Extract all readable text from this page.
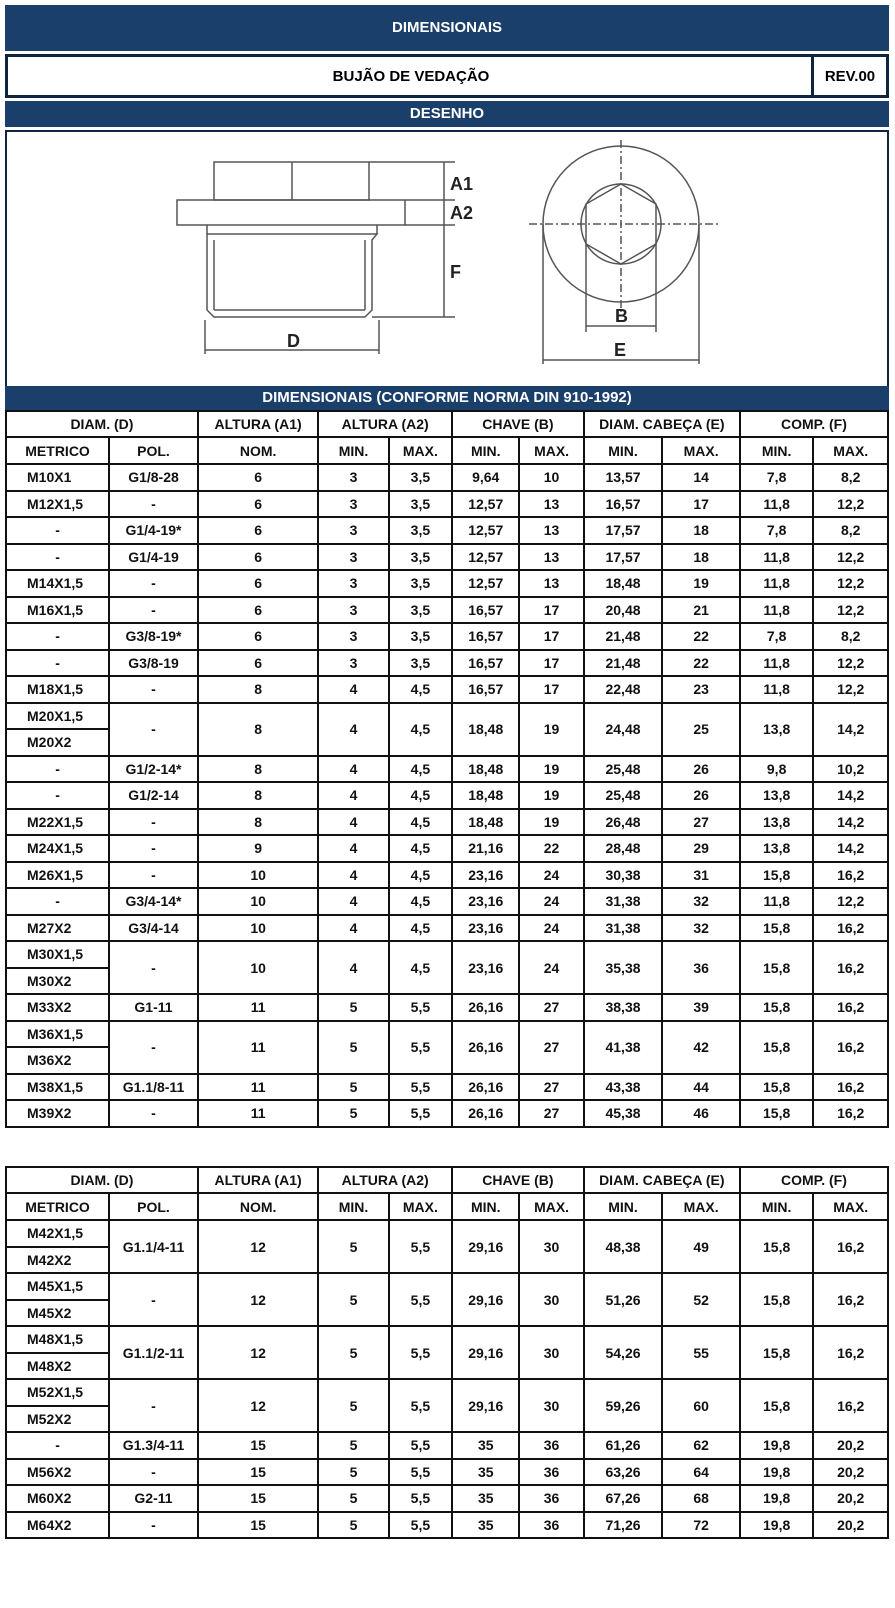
DIMENSIONAIS
BUJÃO DE VEDAÇÃO	REV.00
DESENHO
A1
A2
F
D
B
E
DIMENSIONAIS (CONFORME NORMA DIN 910-1992)
DIAM. (D)		ALTURA (A1)	ALTURA (A2)		CHAVE (B)		DIAM. CABEÇA (E)		COMP. (F)	
METRICO	POL.	NOM.	MIN.	MAX.	MIN.	MAX.	MIN.	MAX.	MIN.	MAX.
M10X1	G1/8-28	6	3	3,5	9,64	10	13,57	14	7,8	8,2
M12X1,5	-	6	3	3,5	12,57	13	16,57	17	11,8	12,2
-	G1/4-19*	6	3	3,5	12,57	13	17,57	18	7,8	8,2
-	G1/4-19	6	3	3,5	12,57	13	17,57	18	11,8	12,2
M14X1,5	-	6	3	3,5	12,57	13	18,48	19	11,8	12,2
M16X1,5	-	6	3	3,5	16,57	17	20,48	21	11,8	12,2
-	G3/8-19*	6	3	3,5	16,57	17	21,48	22	7,8	8,2
-	G3/8-19	6	3	3,5	16,57	17	21,48	22	11,8	12,2
M18X1,5	-	8	4	4,5	16,57	17	22,48	23	11,8	12,2
M20X1,5	-	8	4	4,5	18,48	19	24,48	25	13,8	14,2
M20X2										
-	G1/2-14*	8	4	4,5	18,48	19	25,48	26	9,8	10,2
-	G1/2-14	8	4	4,5	18,48	19	25,48	26	13,8	14,2
M22X1,5	-	8	4	4,5	18,48	19	26,48	27	13,8	14,2
M24X1,5	-	9	4	4,5	21,16	22	28,48	29	13,8	14,2
M26X1,5	-	10	4	4,5	23,16	24	30,38	31	15,8	16,2
-	G3/4-14*	10	4	4,5	23,16	24	31,38	32	11,8	12,2
M27X2	G3/4-14	10	4	4,5	23,16	24	31,38	32	15,8	16,2
M30X1,5	-	10	4	4,5	23,16	24	35,38	36	15,8	16,2
M30X2										
M33X2	G1-11	11	5	5,5	26,16	27	38,38	39	15,8	16,2
M36X1,5	-	11	5	5,5	26,16	27	41,38	42	15,8	16,2
M36X2										
M38X1,5	G1.1/8-11	11	5	5,5	26,16	27	43,38	44	15,8	16,2
M39X2	-	11	5	5,5	26,16	27	45,38	46	15,8	16,2
DIAM. (D)		ALTURA (A1)	ALTURA (A2)		CHAVE (B)		DIAM. CABEÇA (E)		COMP. (F)	
METRICO	POL.	NOM.	MIN.	MAX.	MIN.	MAX.	MIN.	MAX.	MIN.	MAX.
M42X1,5	G1.1/4-11	12	5	5,5	29,16	30	48,38	49	15,8	16,2
M42X2										
M45X1,5	-	12	5	5,5	29,16	30	51,26	52	15,8	16,2
M45X2										
M48X1,5	G1.1/2-11	12	5	5,5	29,16	30	54,26	55	15,8	16,2
M48X2										
M52X1,5	-	12	5	5,5	29,16	30	59,26	60	15,8	16,2
M52X2										
-	G1.3/4-11	15	5	5,5	35	36	61,26	62	19,8	20,2
M56X2	-	15	5	5,5	35	36	63,26	64	19,8	20,2
M60X2	G2-11	15	5	5,5	35	36	67,26	68	19,8	20,2
M64X2	-	15	5	5,5	35	36	71,26	72	19,8	20,2
